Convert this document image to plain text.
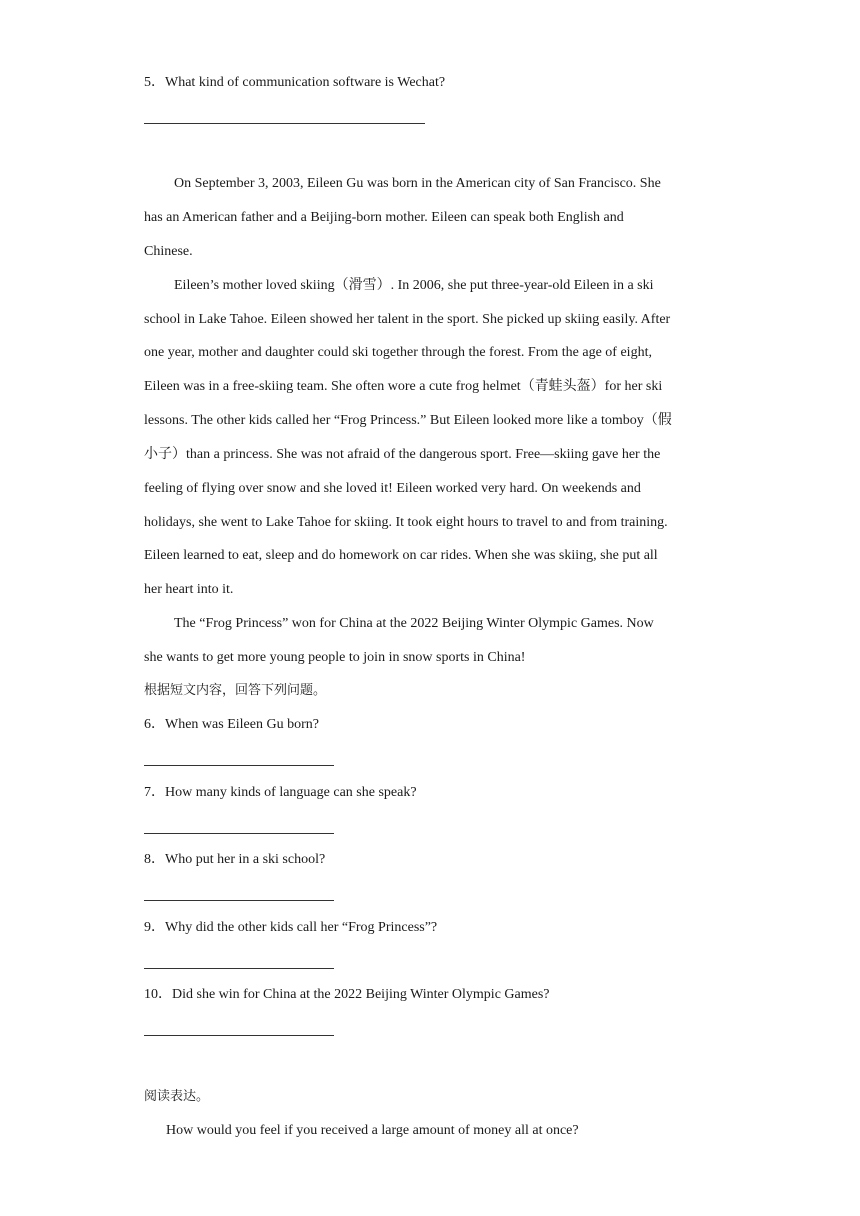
5．What kind of communication software is Wechat?
On September 3, 2003, Eileen Gu was born in the American city of San Francisco. She
has an American father and a Beijing-born mother. Eileen can speak both English and
Chinese.
Eileen’s mother loved skiing（滑雪）. In 2006, she put three-year-old Eileen in a ski
school in Lake Tahoe. Eileen showed her talent in the sport. She picked up skiing easily. After
one year, mother and daughter could ski together through the forest. From the age of eight,
Eileen was in a free-skiing team. She often wore a cute frog helmet（青蛙头盔）for her ski
lessons. The other kids called her “Frog Princess.” But Eileen looked more like a tomboy（假
小子）than a princess. She was not afraid of the dangerous sport. Free—skiing gave her the
feeling of flying over snow and she loved it! Eileen worked very hard. On weekends and
holidays, she went to Lake Tahoe for skiing. It took eight hours to travel to and from training.
Eileen learned to eat, sleep and do homework on car rides. When she was skiing, she put all
her heart into it.
The “Frog Princess” won for China at the 2022 Beijing Winter Olympic Games. Now
she wants to get more young people to join in snow sports in China!
根据短文内容，回答下列问题。
6．When was Eileen Gu born?
7．How many kinds of language can she speak?
8．Who put her in a ski school?
9．Why did the other kids call her “Frog Princess”?
10．Did she win for China at the 2022 Beijing Winter Olympic Games?
阅读表达。
How would you feel if you received a large amount of money all at once?
